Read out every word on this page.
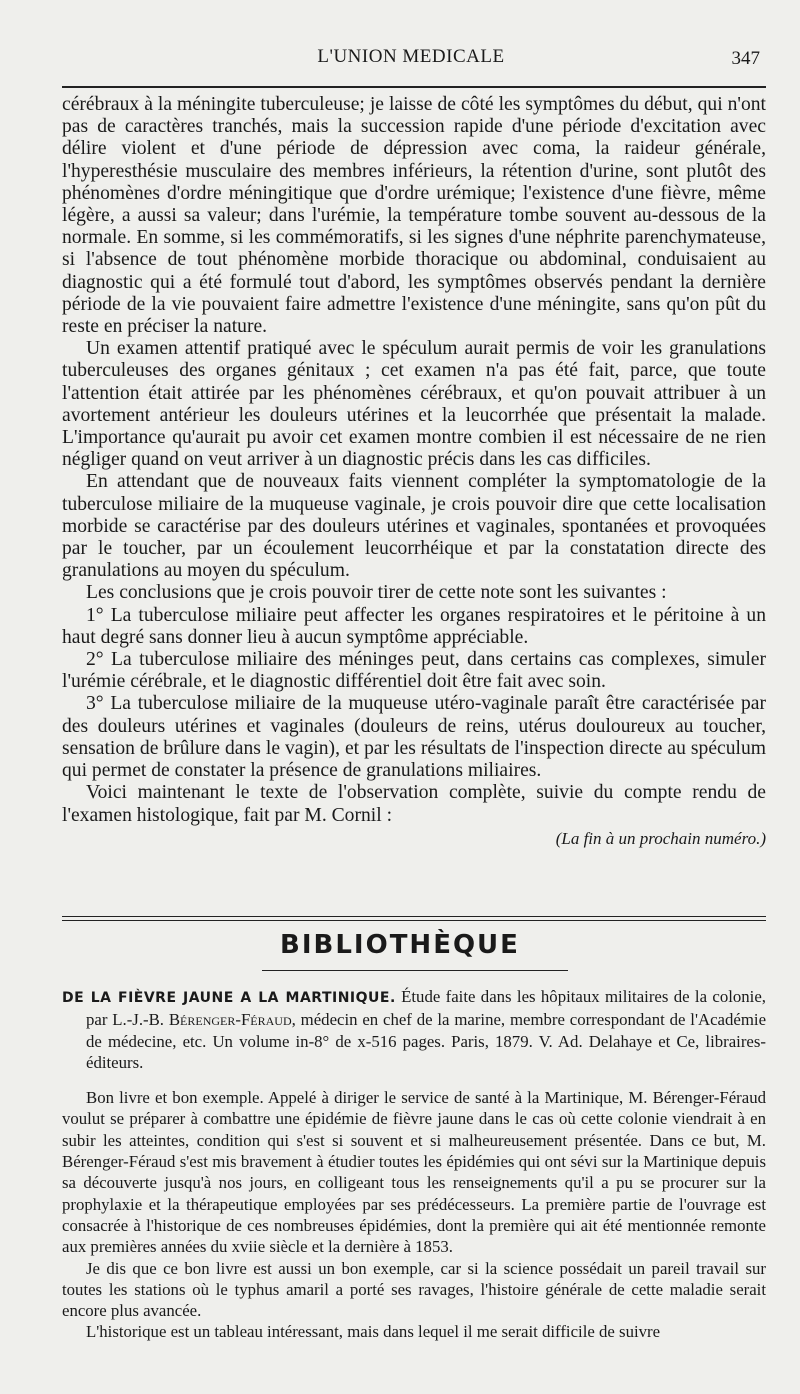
L'UNION MEDICALE	347

cérébraux à la méningite tuberculeuse; je laisse de côté les symptômes du début, qui n'ont pas de caractères tranchés, mais la succession rapide d'une période d'excitation avec délire violent et d'une période de dépression avec coma, la raideur générale, l'hyperesthésie musculaire des membres inférieurs, la rétention d'urine, sont plutôt des phénomènes d'ordre méningitique que d'ordre urémique; l'existence d'une fièvre, même légère, a aussi sa valeur; dans l'urémie, la température tombe souvent au-dessous de la normale. En somme, si les commémoratifs, si les signes d'une néphrite parenchymateuse, si l'absence de tout phénomène morbide thoracique ou abdominal, conduisaient au diagnostic qui a été formulé tout d'abord, les symptômes observés pendant la dernière période de la vie pouvaient faire admettre l'existence d'une méningite, sans qu'on pût du reste en préciser la nature.

Un examen attentif pratiqué avec le spéculum aurait permis de voir les granulations tuberculeuses des organes génitaux ; cet examen n'a pas été fait, parce, que toute l'attention était attirée par les phénomènes cérébraux, et qu'on pouvait attribuer à un avortement antérieur les douleurs utérines et la leucorrhée que présentait la malade. L'importance qu'aurait pu avoir cet examen montre combien il est nécessaire de ne rien négliger quand on veut arriver à un diagnostic précis dans les cas difficiles.

En attendant que de nouveaux faits viennent compléter la symptomatologie de la tuberculose miliaire de la muqueuse vaginale, je crois pouvoir dire que cette localisation morbide se caractérise par des douleurs utérines et vaginales, spontanées et provoquées par le toucher, par un écoulement leucorrhéique et par la constatation directe des granulations au moyen du spéculum.

Les conclusions que je crois pouvoir tirer de cette note sont les suivantes :

1° La tuberculose miliaire peut affecter les organes respiratoires et le péritoine à un haut degré sans donner lieu à aucun symptôme appréciable.

2° La tuberculose miliaire des méninges peut, dans certains cas complexes, simuler l'urémie cérébrale, et le diagnostic différentiel doit être fait avec soin.

3° La tuberculose miliaire de la muqueuse utéro-vaginale paraît être caractérisée par des douleurs utérines et vaginales (douleurs de reins, utérus douloureux au toucher, sensation de brûlure dans le vagin), et par les résultats de l'inspection directe au spéculum qui permet de constater la présence de granulations miliaires.

Voici maintenant le texte de l'observation complète, suivie du compte rendu de l'examen histologique, fait par M. Cornil :

(La fin à un prochain numéro.)

BIBLIOTHÈQUE

DE LA FIÈVRE JAUNE A LA MARTINIQUE. Étude faite dans les hôpitaux militaires de la colonie, par L.-J.-B. Bérenger-Féraud, médecin en chef de la marine, membre correspondant de l'Académie de médecine, etc. Un volume in-8° de x-516 pages. Paris, 1879. V. Ad. Delahaye et Ce, libraires-éditeurs.

Bon livre et bon exemple. Appelé à diriger le service de santé à la Martinique, M. Bérenger-Féraud voulut se préparer à combattre une épidémie de fièvre jaune dans le cas où cette colonie viendrait à en subir les atteintes, condition qui s'est si souvent et si malheureusement présentée. Dans ce but, M. Bérenger-Féraud s'est mis bravement à étudier toutes les épidémies qui ont sévi sur la Martinique depuis sa découverte jusqu'à nos jours, en colligeant tous les renseignements qu'il a pu se procurer sur la prophylaxie et la thérapeutique employées par ses prédécesseurs. La première partie de l'ouvrage est consacrée à l'historique de ces nombreuses épidémies, dont la première qui ait été mentionnée remonte aux premières années du xviie siècle et la dernière à 1853.

Je dis que ce bon livre est aussi un bon exemple, car si la science possédait un pareil travail sur toutes les stations où le typhus amaril a porté ses ravages, l'histoire générale de cette maladie serait encore plus avancée.

L'historique est un tableau intéressant, mais dans lequel il me serait difficile de suivre
